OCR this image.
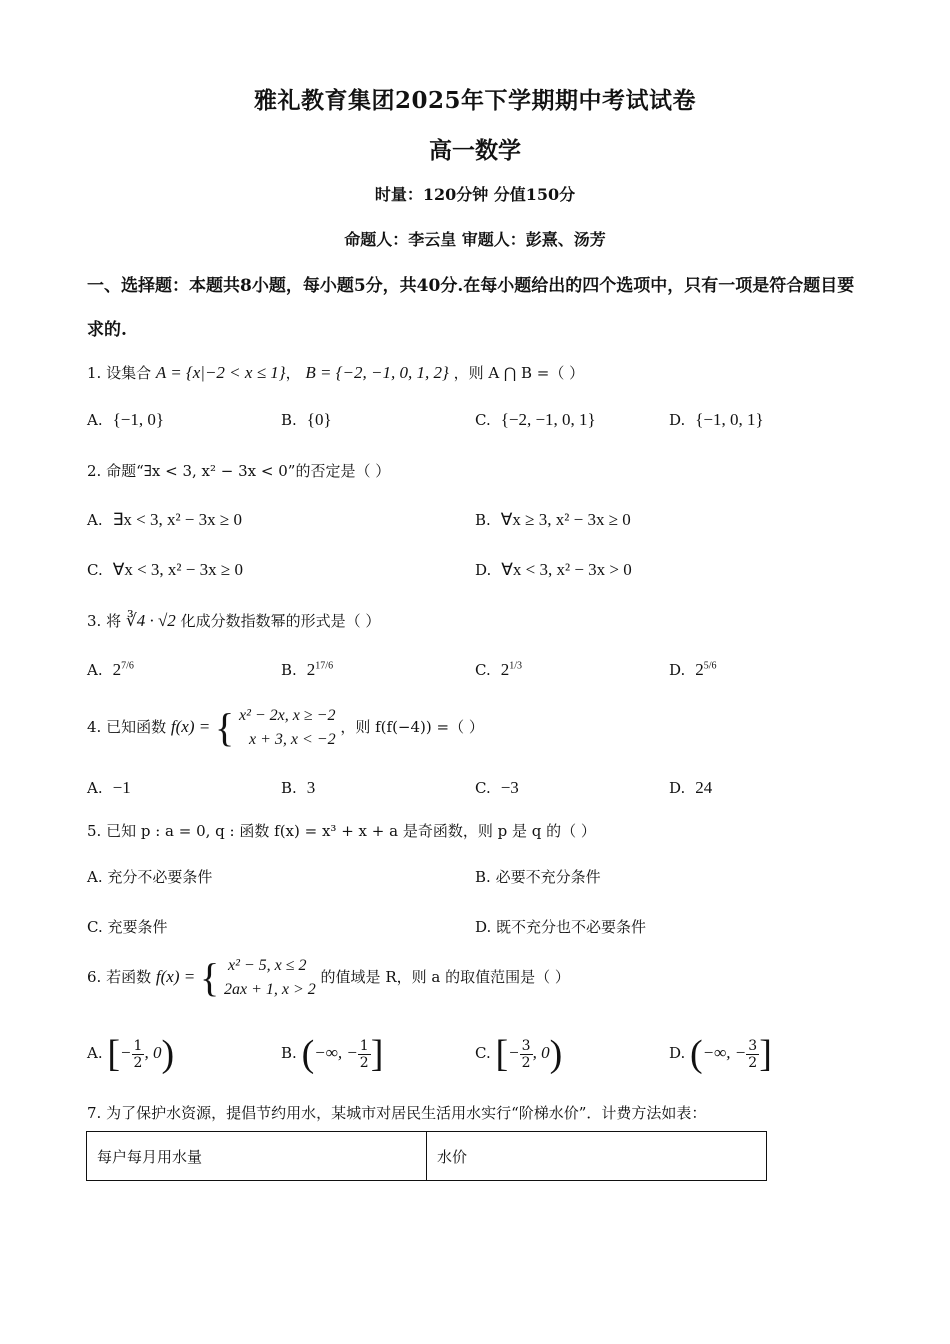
雅礼教育集团2025年下学期期中考试试卷
高一数学
时量：120分钟 分值150分
命题人：李云皇 审题人：彭熹、汤芳
一、选择题：本题共8小题，每小题5分，共40分.在每小题给出的四个选项中，只有一项是符合题目要求的.
1. 设集合 A = {x|−2 < x ≤ 1}， B = {−2, −1, 0, 1, 2} ，则 A ⋂ B =（ ）
A. {−1, 0}	B. {0}	C. {−2, −1, 0, 1}	D. {−1, 0, 1}
2. 命题“∃x < 3, x² − 3x < 0”的否定是（ ）
A. ∃x < 3, x² − 3x ≥ 0	B. ∀x ≥ 3, x² − 3x ≥ 0
C. ∀x < 3, x² − 3x ≥ 0	D. ∀x < 3, x² − 3x > 0
3. 将 ∛4 · √2 化成分数指数幂的形式是（ ）
A. $2^{7/6}$	B. $2^{17/6}$	C. $2^{1/3}$	D. $2^{5/6}$
4. 已知函数 f(x) = { x² − 2x, x ≥ −2
x + 3, x < −2
，则 f(f(−4)) =（ ）
A. −1	B. 3	C. −3	D. 24
5. 已知 p : a = 0, q : 函数 f(x) = x³ + x + a 是奇函数，则 p 是 q 的（ ）
A. 充分不必要条件	B. 必要不充分条件
C. 充要条件	D. 既不充分也不必要条件
6. 若函数 f(x) = { x² − 5, x ≤ 2
2ax + 1, x > 2
的值域是 R，则 a 的取值范围是（ ）
A. [− $\frac{1}{2}$ , 0)	B. (−∞, − $\frac{1}{2}$ ]	C. [− $\frac{3}{2}$ , 0)	D. (−∞, − $\frac{3}{2}$ ]
7. 为了保护水资源，提倡节约用水，某城市对居民生活用水实行“阶梯水价”．计费方法如表：
每户每月用水量	水价
